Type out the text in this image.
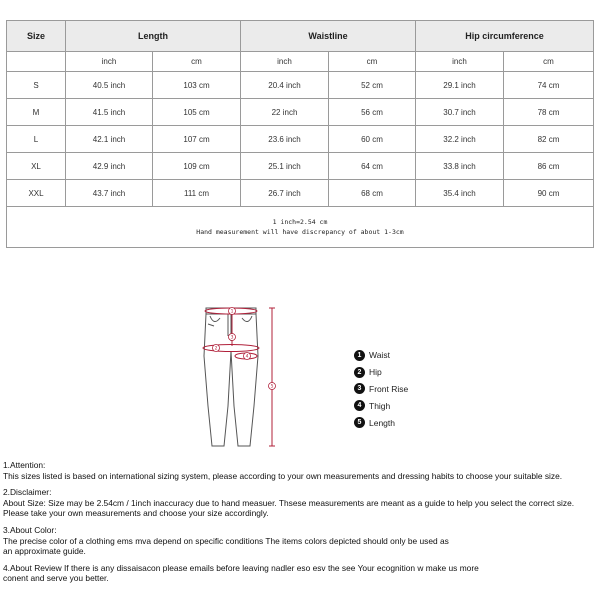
Size	Length		Waistline		Hip circumference	
	inch	cm	inch	cm	inch	cm
S	40.5 inch	103 cm	20.4 inch	52 cm	29.1 inch	74 cm
M	41.5 inch	105 cm	22 inch	56 cm	30.7 inch	78 cm
L	42.1 inch	107 cm	23.6 inch	60 cm	32.2 inch	82 cm
XL	42.9 inch	109 cm	25.1 inch	64 cm	33.8 inch	86 cm
XXL	43.7 inch	111 cm	26.7 inch	68 cm	35.4 inch	90 cm

1 inch=2.54 cm
Hand measurement will have discrepancy of about 1-3cm						
1
2
3
4
5
1 Waist
2 Hip
3 Front Rise
4 Thigh
5 Length

1.Attention:
This sizes listed is based on international sizing system, please according to your own measurements and dressing habits to choose your suitable size.

2.Disclaimer:
About Size: Size may be 2.54cm / 1inch inaccuracy due to hand measuer. Thsese measurements are meant as a guide to help you select the correct size.
Please take your own measurements and choose your size accordingly.

3.About Color:
The precise color of a clothing ems mva depend on specific conditions The items colors depicted should only be used as
an approximate guide.

4.About Review If there is any dissaisacon please emails before leaving nadler eso esv the see Your ecognition w make us more
conent and serve you better.
